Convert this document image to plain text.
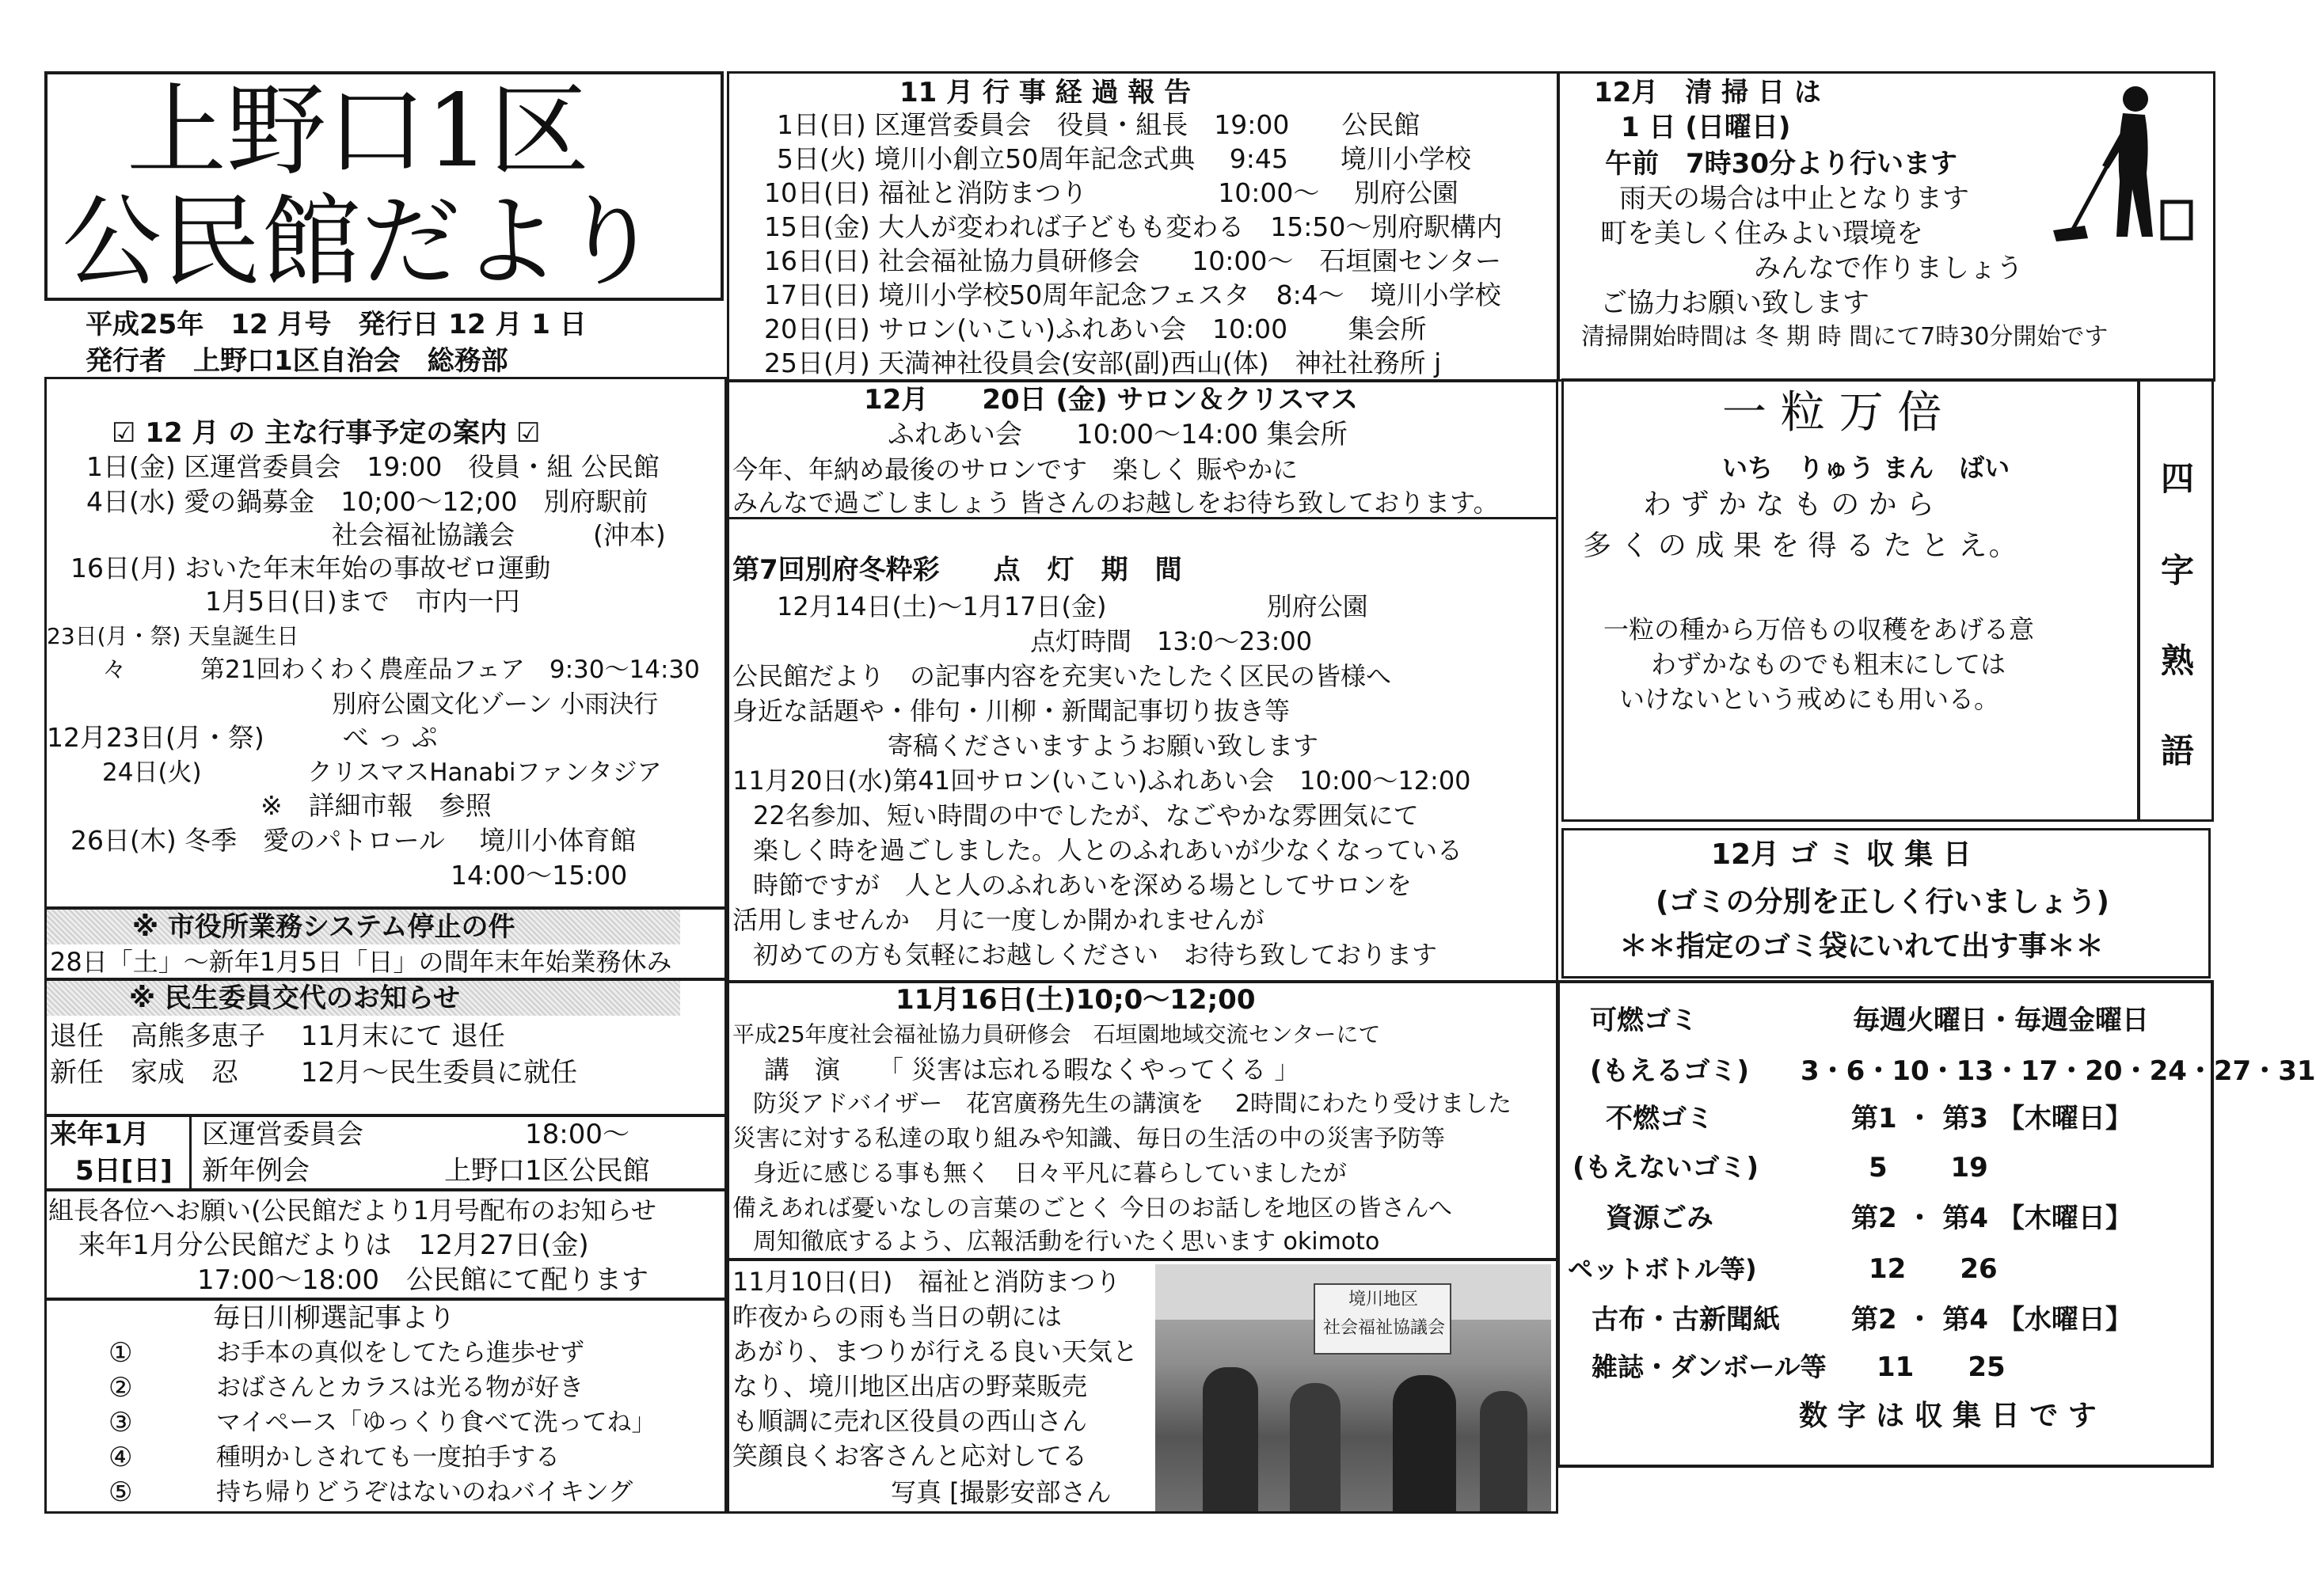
上野口1区
公民館だより
平成25年　12 月号　発行日 12 月 1 日
発行者　上野口1区自治会　総務部
11 月 行 事 経 過 報 告
1日(日) 区運営委員会　役員・組長　19:00　　公民館
5日(火) 境川小創立50周年記念式典　 9:45　　境川小学校
10日(日) 福祉と消防まつり　　　　　10:00～　 別府公園
15日(金) 大人が変われば子どもも変わる　15:50～別府駅構内
16日(日) 社会福祉協力員研修会　　10:00～　石垣園センター
17日(日) 境川小学校50周年記念フェスタ　8:4～　境川小学校
20日(日) サロン(いこい)ふれあい会　10:00　　 集会所
25日(月) 天満神社役員会(安部(副)西山(体)　神社社務所 j
12月　清 掃 日 は
1 日 (日曜日)
午前　7時30分より行います
雨天の場合は中止となります
町を美しく住みよい環境を
みんなで作りましょう
ご協力お願い致します
清掃開始時間は 冬 期 時 間にて7時30分開始です
☑ 12 月 の 主な行事予定の案内 ☑
1日(金) 区運営委員会　19:00　役員・組 公民館
4日(水) 愛の鍋募金　10;00～12;00　別府駅前
社会福祉協議会　　　(沖本)
16日(月) おいた年末年始の事故ゼロ運動
1月5日(日)まで　市内一円
23日(月・祭) 天皇誕生日
々　　　第21回わくわく農産品フェア　9:30～14:30
別府公園文化ゾーン 小雨決行
12月23日(月・祭)　　　べ っ ぷ
24日(火)　　　　 クリスマスHanabiファンタジア
※　詳細市報　参照
26日(木) 冬季　愛のパトロール　 境川小体育館
14:00～15:00
※ 市役所業務システム停止の件
28日「土」～新年1月5日「日」の間年末年始業務休み
※ 民生委員交代のお知らせ
退任　高熊多恵子　 11月末にて 退任
新任　家成　忍　　 12月～民生委員に就任
来年1月
5日[日]
区運営委員会　　　　　　18:00～
新年例会　　　　　上野口1区公民館
組長各位へお願い(公民館だより1月号配布のお知らせ
来年1月分公民館だよりは　12月27日(金)
17:00～18:00　公民館にて配ります
毎日川柳選記事より
①	お手本の真似をしてたら進歩せず
②	おばさんとカラスは光る物が好き
③	マイペース「ゆっくり食べて洗ってね」
④	種明かしされても一度拍手する
⑤	持ち帰りどうぞはないのねバイキング
12月　　20日 (金) サロン＆クリスマス
ふれあい会　　10:00～14:00 集会所
今年、年納め最後のサロンです　楽しく 賑やかに
みんなで過ごしましょう 皆さんのお越しをお待ち致しております。
第7回別府冬粋彩　　点　灯　期　間
12月14日(土)～1月17日(金)　　　　　　 別府公園
点灯時間　13:0～23:00
公民館だより　の記事内容を充実いたしたく区民の皆様へ
身近な話題や・俳句・川柳・新聞記事切り抜き等
寄稿くださいますようお願い致します
11月20日(水)第41回サロン(いこい)ふれあい会　10:00～12:00
22名参加、短い時間の中でしたが、なごやかな雰囲気にて
楽しく時を過ごしました。人とのふれあいが少なくなっている
時節ですが　人と人のふれあいを深める場としてサロンを
活用しませんか　月に一度しか開かれませんが
初めての方も気軽にお越しください　お待ち致しております
11月16日(土)10;0～12;00
平成25年度社会福祉協力員研修会　石垣園地域交流センターにて
講　演　　「 災害は忘れる暇なくやってくる 」
防災アドバイザー　花宮廣務先生の講演を　 2時間にわたり受けました
災害に対する私達の取り組みや知識、毎日の生活の中の災害予防等
身近に感じる事も無く　日々平凡に暮らしていましたが
備えあれば憂いなしの言葉のごとく 今日のお話しを地区の皆さんへ
周知徹底するよう、広報活動を行いたく思います okimoto
11月10日(日)　福祉と消防まつり
昨夜からの雨も当日の朝には
あがり、まつりが行える良い天気と
なり、境川地区出店の野菜販売
も順調に売れ区役員の西山さん
笑顔良くお客さんと応対してる
写真 [撮影安部さん
境川地区
社会福祉協議会
一 粒 万 倍
いち　りゅう まん　ばい
わ ず か な も の か ら
多 く の 成 果 を 得 る た と え。
一粒の種から万倍もの収穫をあげる意
わずかなものでも粗末にしては
いけないという戒めにも用いる。
四
字
熟
語
12月 ゴ ミ 収 集 日
(ゴミの分別を正しく行いましょう)
＊＊指定のゴミ袋にいれて出す事＊＊
可燃ゴミ	毎週火曜日・毎週金曜日
(もえるゴミ) 3・6・10・13・17・20・24・27・31
不燃ゴミ	第1 ・ 第3 【木曜日】
(もえないゴミ)	5　　 19
資源ごみ	第2 ・ 第4 【木曜日】
ペットボトル等)	12　　26
古布・古新聞紙	第2 ・ 第4 【水曜日】
雑誌・ダンボール等 11　　25
数 字 は 収 集 日 で す
